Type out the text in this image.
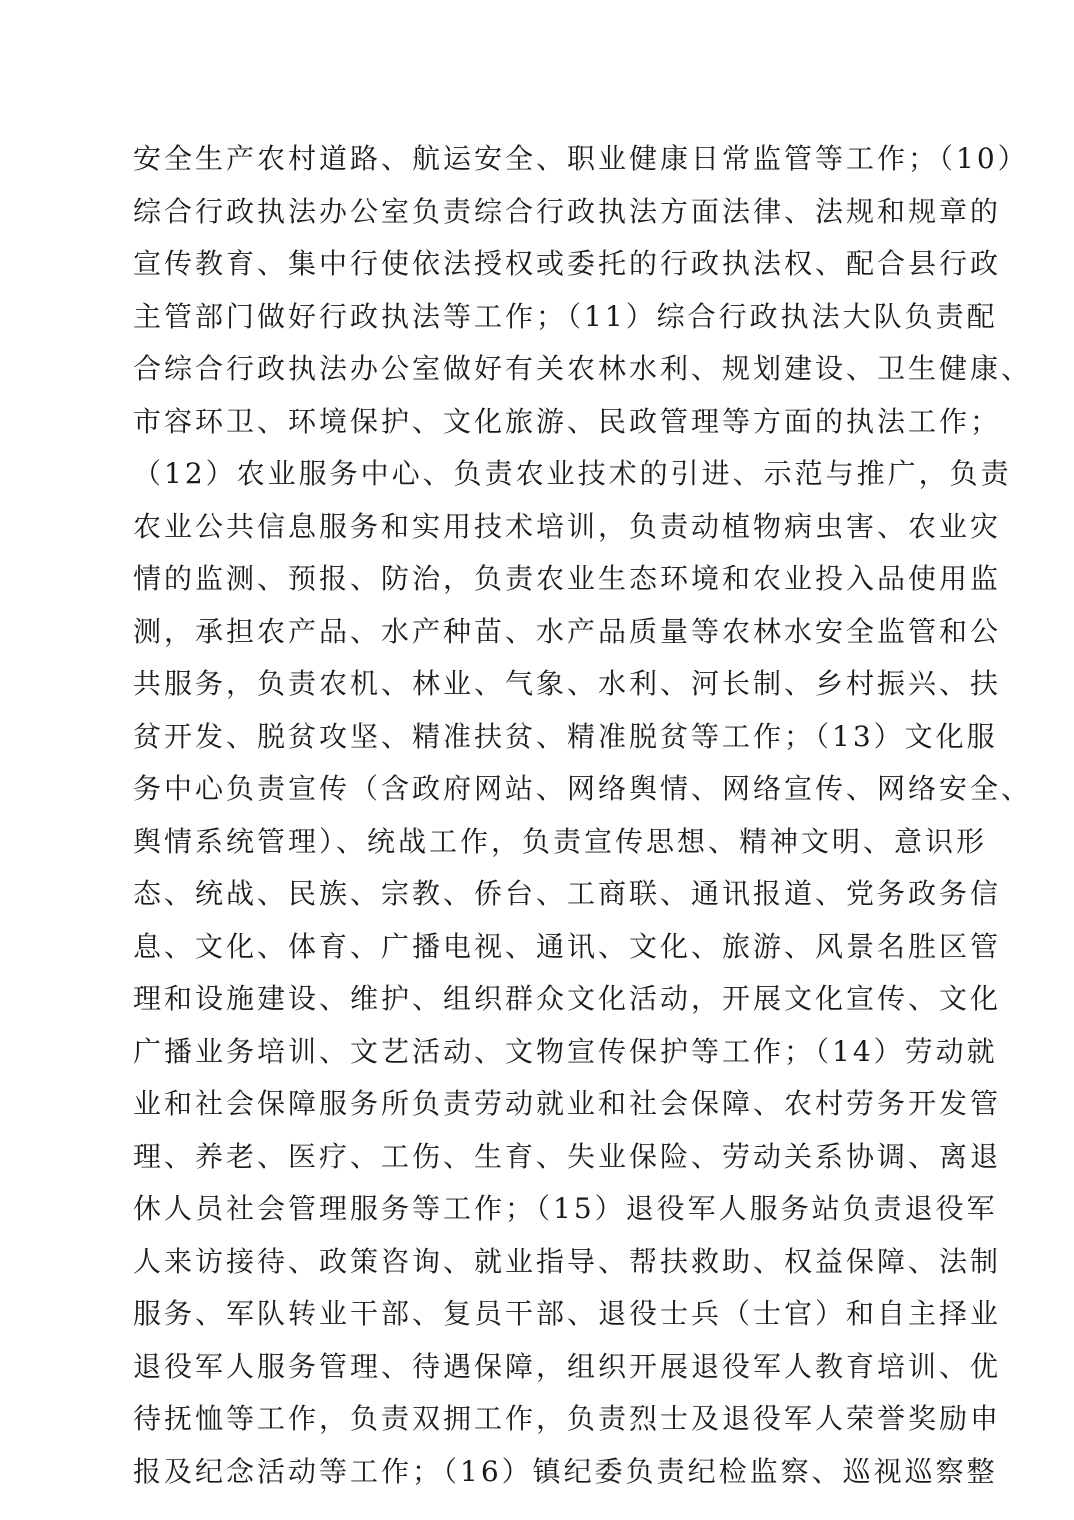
安全生产农村道路、航运安全、职业健康日常监管等工作；（10）
综合行政执法办公室负责综合行政执法方面法律、法规和规章的
宣传教育、集中行使依法授权或委托的行政执法权、配合县行政
主管部门做好行政执法等工作；（11）综合行政执法大队负责配
合综合行政执法办公室做好有关农林水利、规划建设、卫生健康、
市容环卫、环境保护、文化旅游、民政管理等方面的执法工作；
（12）农业服务中心、负责农业技术的引进、示范与推广，负责
农业公共信息服务和实用技术培训，负责动植物病虫害、农业灾
情的监测、预报、防治，负责农业生态环境和农业投入品使用监
测，承担农产品、水产种苗、水产品质量等农林水安全监管和公
共服务，负责农机、林业、气象、水利、河长制、乡村振兴、扶
贫开发、脱贫攻坚、精准扶贫、精准脱贫等工作；（13）文化服
务中心负责宣传（含政府网站、网络舆情、网络宣传、网络安全、
舆情系统管理）、统战工作，负责宣传思想、精神文明、意识形
态、统战、民族、宗教、侨台、工商联、通讯报道、党务政务信
息、文化、体育、广播电视、通讯、文化、旅游、风景名胜区管
理和设施建设、维护、组织群众文化活动，开展文化宣传、文化
广播业务培训、文艺活动、文物宣传保护等工作；（14）劳动就
业和社会保障服务所负责劳动就业和社会保障、农村劳务开发管
理、养老、医疗、工伤、生育、失业保险、劳动关系协调、离退
休人员社会管理服务等工作；（15）退役军人服务站负责退役军
人来访接待、政策咨询、就业指导、帮扶救助、权益保障、法制
服务、军队转业干部、复员干部、退役士兵（士官）和自主择业
退役军人服务管理、待遇保障，组织开展退役军人教育培训、优
待抚恤等工作，负责双拥工作，负责烈士及退役军人荣誉奖励申
报及纪念活动等工作；（16）镇纪委负责纪检监察、巡视巡察整
